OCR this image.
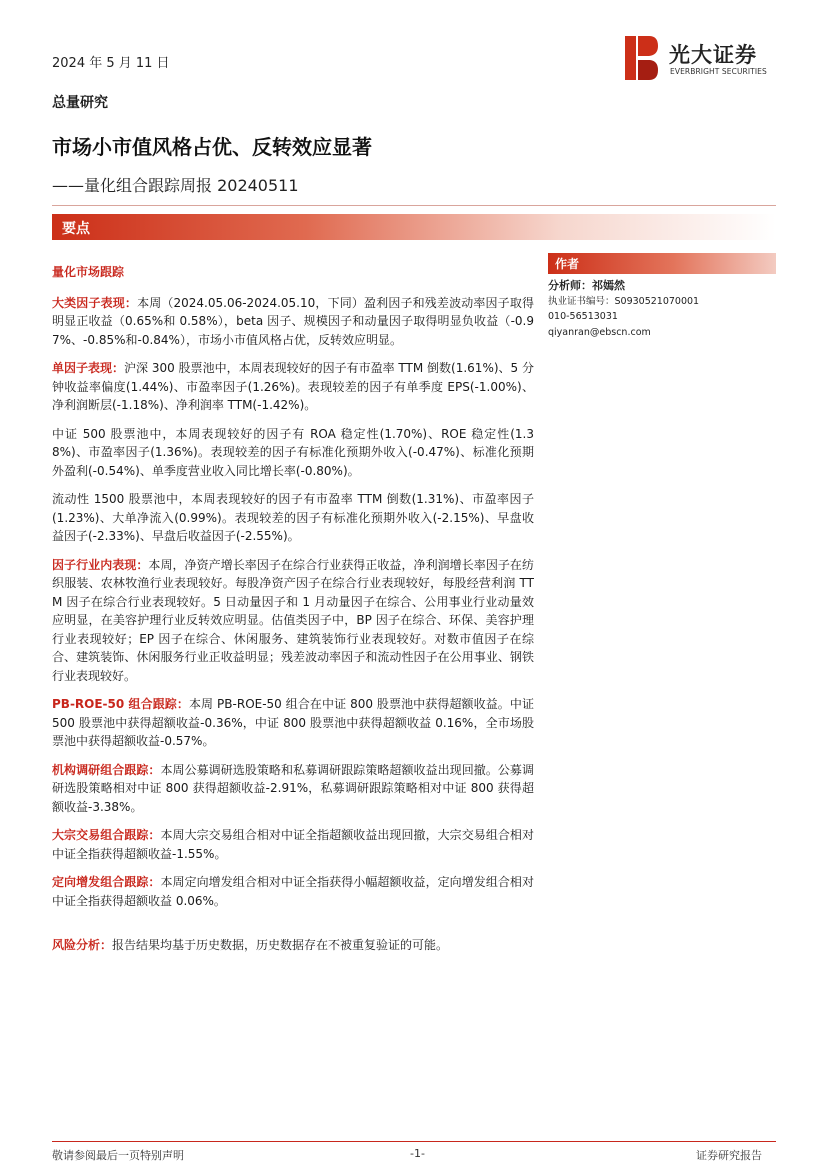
2024 年 5 月 11 日	光大证券
EVERBRIGHT SECURITIES
总量研究
市场小市值风格占优、反转效应显著
——量化组合跟踪周报 20240511
要点
量化市场跟踪

大类因子表现：本周（2024.05.06-2024.05.10，下同）盈利因子和残差波动率因子取得明显正收益（0.65%和 0.58%），beta 因子、规模因子和动量因子取得明显负收益（-0.97%、-0.85%和-0.84%），市场小市值风格占优，反转效应明显。

单因子表现：沪深 300 股票池中，本周表现较好的因子有市盈率 TTM 倒数(1.61%)、5 分钟收益率偏度(1.44%)、市盈率因子(1.26%)。表现较差的因子有单季度 EPS(-1.00%)、净利润断层(-1.18%)、净利润率 TTM(-1.42%)。

中证 500 股票池中，本周表现较好的因子有 ROA 稳定性(1.70%)、ROE 稳定性(1.38%)、市盈率因子(1.36%)。表现较差的因子有标准化预期外收入(-0.47%)、标准化预期外盈利(-0.54%)、单季度营业收入同比增长率(-0.80%)。

流动性 1500 股票池中，本周表现较好的因子有市盈率 TTM 倒数(1.31%)、市盈率因子(1.23%)、大单净流入(0.99%)。表现较差的因子有标准化预期外收入(-2.15%)、早盘收益因子(-2.33%)、早盘后收益因子(-2.55%)。

因子行业内表现：本周，净资产增长率因子在综合行业获得正收益，净利润增长率因子在纺织服装、农林牧渔行业表现较好。每股净资产因子在综合行业表现较好，每股经营利润 TTM 因子在综合行业表现较好。5 日动量因子和 1 月动量因子在综合、公用事业行业动量效应明显，在美容护理行业反转效应明显。估值类因子中，BP 因子在综合、环保、美容护理行业表现较好；EP 因子在综合、休闲服务、建筑装饰行业表现较好。对数市值因子在综合、建筑装饰、休闲服务行业正收益明显；残差波动率因子和流动性因子在公用事业、钢铁行业表现较好。

PB-ROE-50 组合跟踪：本周 PB-ROE-50 组合在中证 800 股票池中获得超额收益。中证 500 股票池中获得超额收益-0.36%，中证 800 股票池中获得超额收益 0.16%，全市场股票池中获得超额收益-0.57%。

机构调研组合跟踪：本周公募调研选股策略和私募调研跟踪策略超额收益出现回撤。公募调研选股策略相对中证 800 获得超额收益-2.91%，私募调研跟踪策略相对中证 800 获得超额收益-3.38%。

大宗交易组合跟踪：本周大宗交易组合相对中证全指超额收益出现回撤，大宗交易组合相对中证全指获得超额收益-1.55%。

定向增发组合跟踪：本周定向增发组合相对中证全指获得小幅超额收益，定向增发组合相对中证全指获得超额收益 0.06%。

风险分析：报告结果均基于历史数据，历史数据存在不被重复验证的可能。

作者
分析师：祁嫣然
执业证书编号：S0930521070001
010-56513031
qiyanran@ebscn.com
敬请参阅最后一页特别声明	-1-	证券研究报告
